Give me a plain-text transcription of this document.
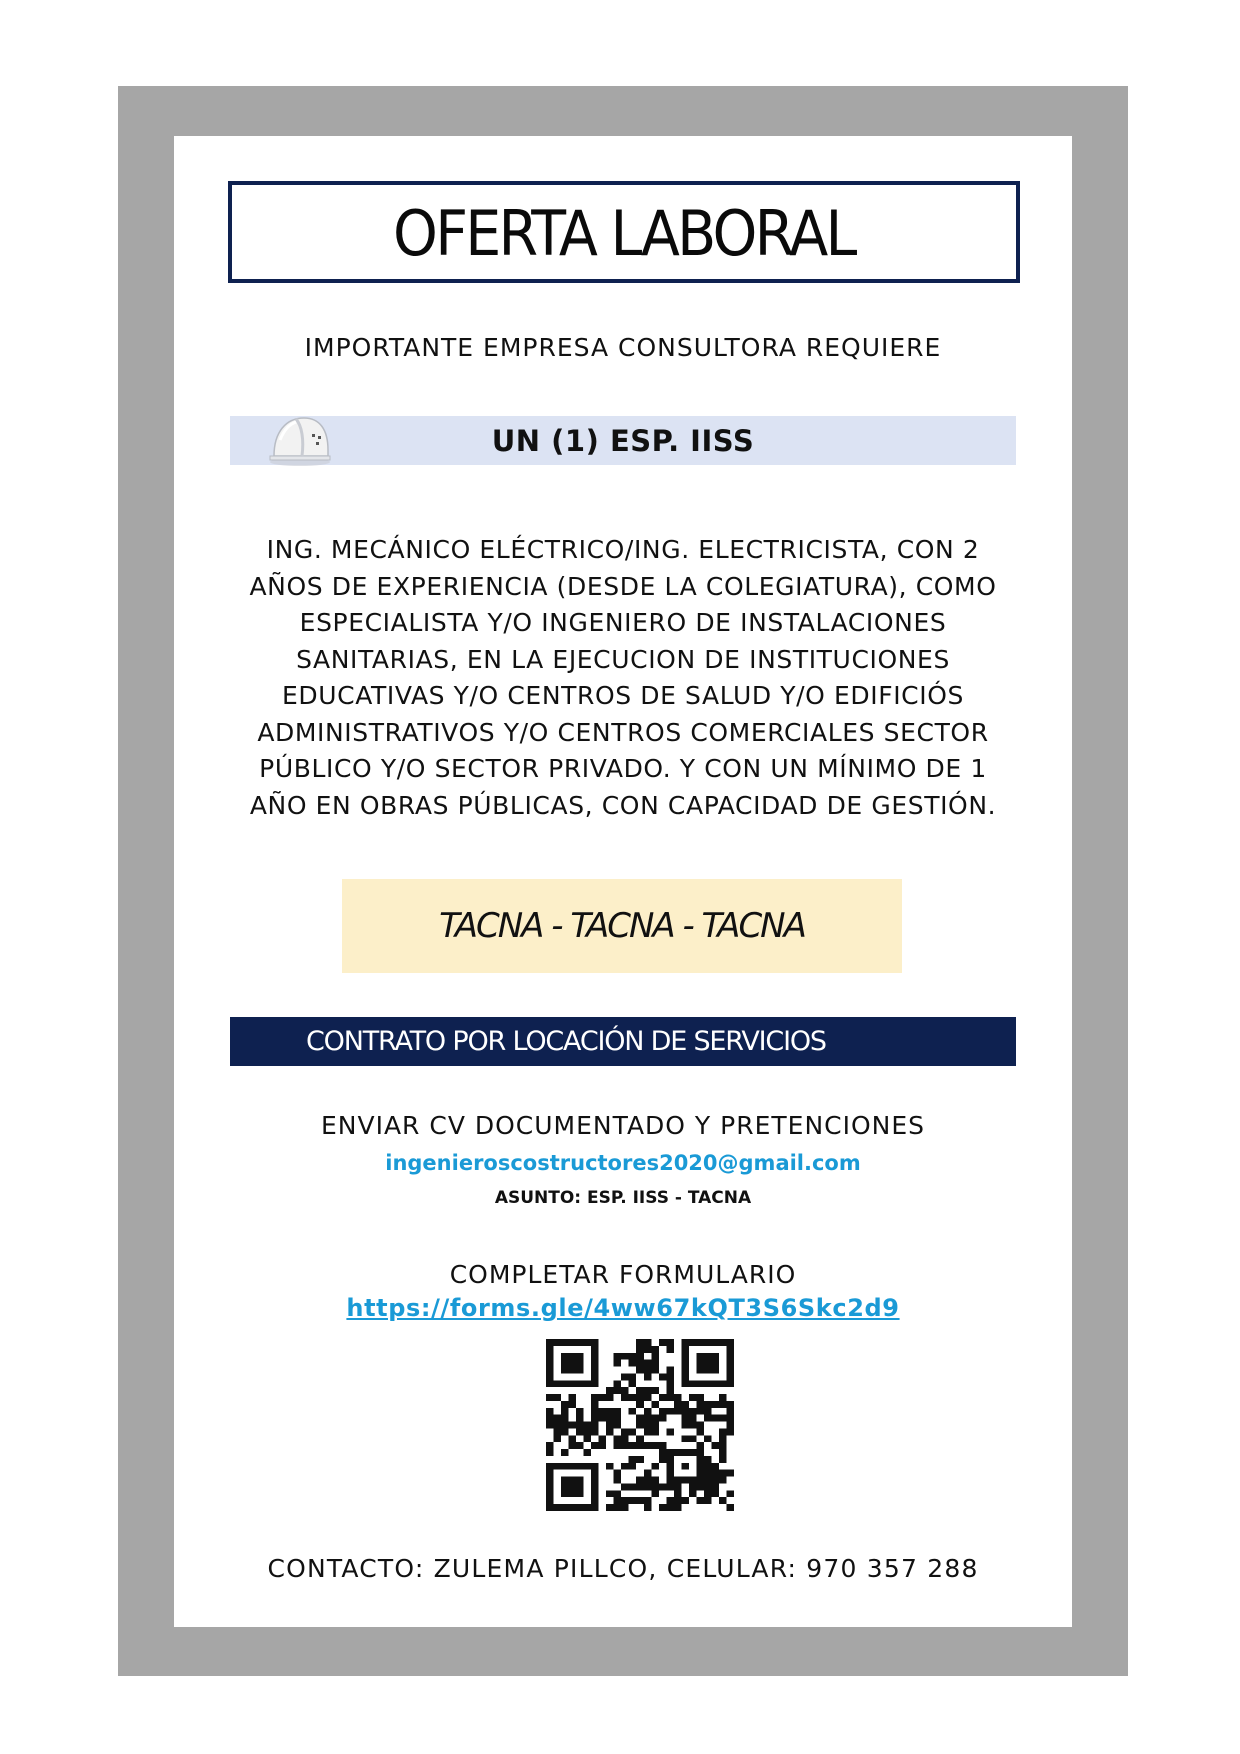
OFERTA LABORAL
IMPORTANTE EMPRESA CONSULTORA REQUIERE
UN (1) ESP. IISS
ING. MECÁNICO ELÉCTRICO/ING. ELECTRICISTA, CON 2
AÑOS DE EXPERIENCIA (DESDE LA COLEGIATURA), COMO
ESPECIALISTA Y/O INGENIERO DE INSTALACIONES
SANITARIAS, EN LA EJECUCION DE INSTITUCIONES
EDUCATIVAS Y/O CENTROS DE SALUD Y/O EDIFICIÓS
ADMINISTRATIVOS Y/O CENTROS COMERCIALES SECTOR
PÚBLICO Y/O SECTOR PRIVADO. Y CON UN MÍNIMO DE 1
AÑO EN OBRAS PÚBLICAS, CON CAPACIDAD DE GESTIÓN.
TACNA - TACNA - TACNA
CONTRATO POR LOCACIÓN DE SERVICIOS
ENVIAR CV DOCUMENTADO Y PRETENCIONES
ingenieroscostructores2020@gmail.com
ASUNTO: ESP. IISS - TACNA
COMPLETAR FORMULARIO
https://forms.gle/4ww67kQT3S6Skc2d9
CONTACTO: ZULEMA PILLCO, CELULAR: 970 357 288
